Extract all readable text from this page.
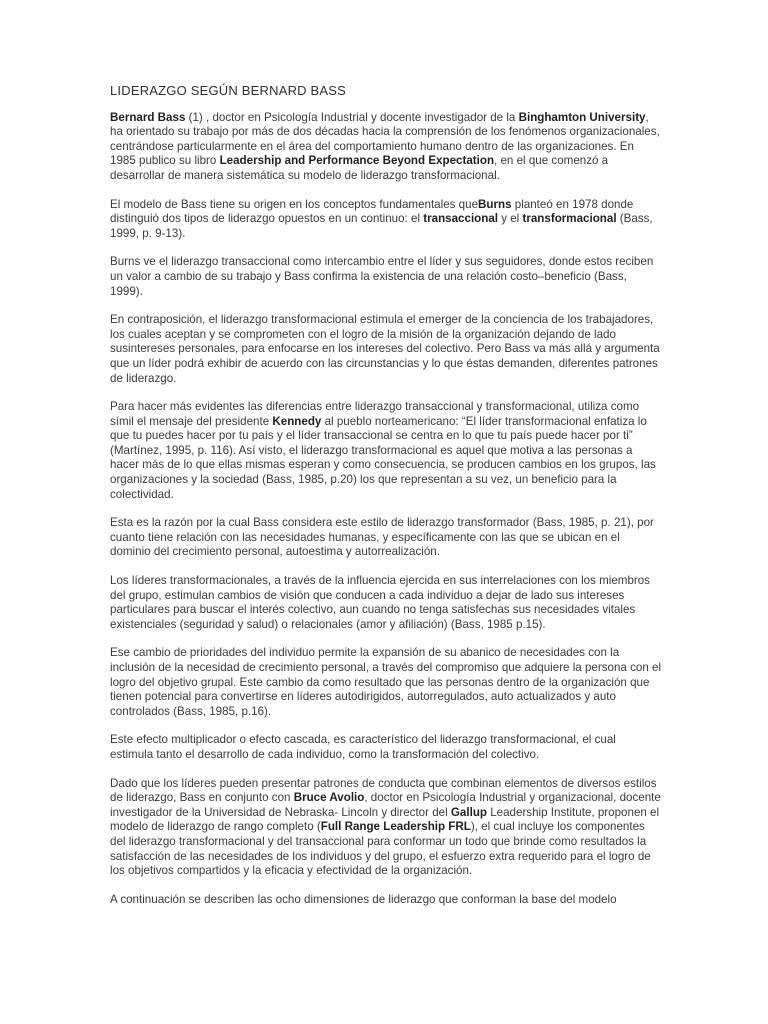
LIDERAZGO SEGÚN BERNARD BASS

Bernard Bass (1) , doctor en Psicología Industrial y docente investigador de la Binghamton University, ha orientado su trabajo por más de dos décadas hacia la comprensión de los fenómenos organizacionales, centrándose particularmente en el área del comportamiento humano dentro de las organizaciones. En 1985 publico su libro Leadership and Performance Beyond Expectation, en el que comenzó a desarrollar de manera sistemática su modelo de liderazgo transformacional.

El modelo de Bass tiene su origen en los conceptos fundamentales queBurns planteó en 1978 donde distinguió dos tipos de liderazgo opuestos en un continuo: el transaccional y el transformacional (Bass, 1999, p. 9-13).

Burns ve el liderazgo transaccional como intercambio entre el líder y sus seguidores, donde estos reciben un valor a cambio de su trabajo y Bass confirma la existencia de una relación costo–beneficio (Bass, 1999).

En contraposición, el liderazgo transformacional estimula el emerger de la conciencia de los trabajadores, los cuales aceptan y se comprometen con el logro de la misión de la organización dejando de lado susintereses personales, para enfocarse en los intereses del colectivo. Pero Bass va más allá y argumenta que un líder podrá exhibir de acuerdo con las circunstancias y lo que éstas demanden, diferentes patrones de liderazgo.

Para hacer más evidentes las diferencias entre liderazgo transaccional y transformacional, utiliza como símil el mensaje del presidente Kennedy al pueblo norteamericano: “El líder transformacional enfatiza lo que tu puedes hacer por tu país y el líder transaccional se centra en lo que tu país puede hacer por ti” (Martínez, 1995, p. 116). Así visto, el liderazgo transformacional es aquel que motiva a las personas a hacer más de lo que ellas mismas esperan y como consecuencia, se producen cambios en los grupos, las organizaciones y la sociedad (Bass, 1985, p.20) los que representan a su vez, un beneficio para la colectividad.

Esta es la razón por la cual Bass considera este estilo de liderazgo transformador (Bass, 1985, p. 21), por cuanto tiene relación con las necesidades humanas, y específicamente con las que se ubican en el dominio del crecimiento personal, autoestima y autorrealización.

Los líderes transformacionales, a través de la influencia ejercida en sus interrelaciones con los miembros del grupo, estimulan cambios de visión que conducen a cada individuo a dejar de lado sus intereses particulares para buscar el interés colectivo, aun cuando no tenga satisfechas sus necesidades vitales existenciales (seguridad y salud) o relacionales (amor y afiliación) (Bass, 1985 p.15).

Ese cambio de prioridades del individuo permite la expansión de su abanico de necesidades con la inclusión de la necesidad de crecimiento personal, a través del compromiso que adquiere la persona con el logro del objetivo grupal. Este cambio da como resultado que las personas dentro de la organización que tienen potencial para convertirse en líderes autodirigidos, autorregulados, auto actualizados y auto controlados (Bass, 1985, p.16).

Este efecto multiplicador o efecto cascada, es característico del liderazgo transformacional, el cual estimula tanto el desarrollo de cada individuo, como la transformación del colectivo.

Dado que los líderes pueden presentar patrones de conducta que combinan elementos de diversos estilos de liderazgo, Bass en conjunto con Bruce Avolio, doctor en Psicología Industrial y organizacional, docente investigador de la Universidad de Nebraska- Lincoln y director del Gallup Leadership Institute, proponen el modelo de liderazgo de rango completo (Full Range Leadership FRL), el cual incluye los componentes del liderazgo transformacional y del transaccional para conformar un todo que brinde como resultados la satisfacción de las necesidades de los individuos y del grupo, el esfuerzo extra requerido para el logro de los objetivos compartidos y la eficacia y efectividad de la organización.

A continuación se describen las ocho dimensiones de liderazgo que conforman la base del modelo
